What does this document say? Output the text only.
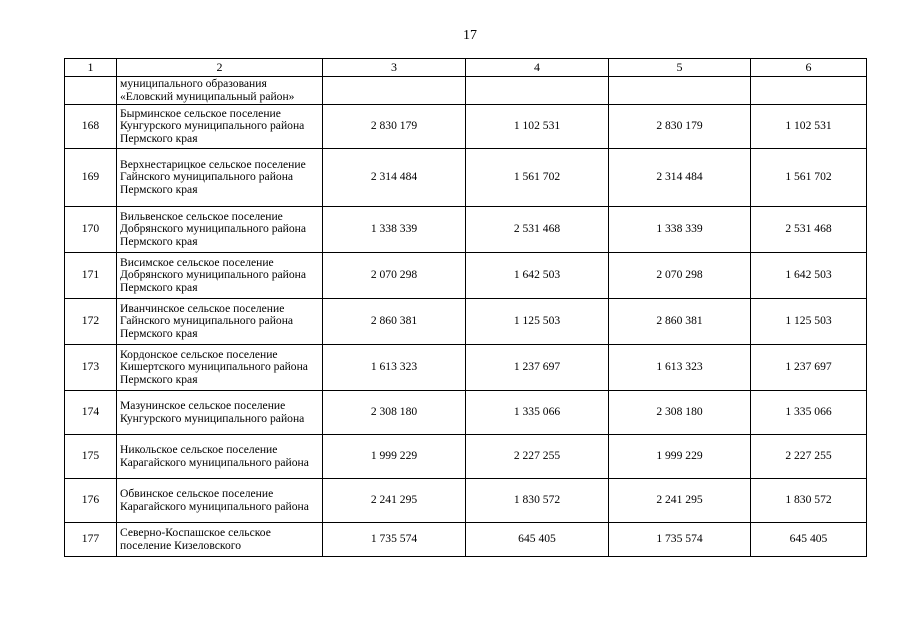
17
1	2	3	4	5	6
	муниципального образования «Еловский муниципальный район»				
168	Бырминское сельское поселение Кунгурского муниципального района Пермского края	2 830 179	1 102 531	2 830 179	1 102 531
169	Верхнестарицкое сельское поселение Гайнского муниципального района Пермского края	2 314 484	1 561 702	2 314 484	1 561 702
170	Вильвенское сельское поселение Добрянского муниципального района Пермского края	1 338 339	2 531 468	1 338 339	2 531 468
171	Висимское сельское поселение Добрянского муниципального района Пермского края	2 070 298	1 642 503	2 070 298	1 642 503
172	Иванчинское сельское поселение Гайнского муниципального района Пермского края	2 860 381	1 125 503	2 860 381	1 125 503
173	Кордонское сельское поселение Кишертского муниципального района Пермского края	1 613 323	1 237 697	1 613 323	1 237 697
174	Мазунинское сельское поселение Кунгурского муниципального района	2 308 180	1 335 066	2 308 180	1 335 066
175	Никольское сельское поселение Карагайского муниципального района	1 999 229	2 227 255	1 999 229	2 227 255
176	Обвинское сельское поселение Карагайского муниципального района	2 241 295	1 830 572	2 241 295	1 830 572
177	Северно-Коспашское сельское поселение Кизеловского	1 735 574	645 405	1 735 574	645 405
